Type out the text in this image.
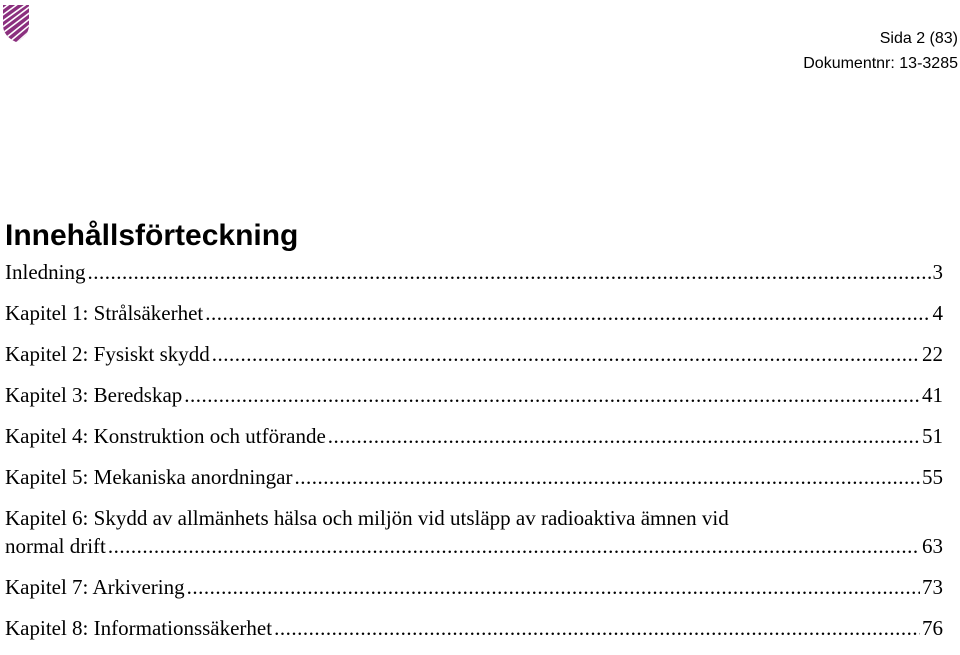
Sida 2 (83)
Dokumentnr: 13-3285
Innehållsförteckning
Inledning .....	3
Kapitel 1: Strålsäkerhet .....	4
Kapitel 2: Fysiskt skydd .....	22
Kapitel 3: Beredskap .....	41
Kapitel 4: Konstruktion och utförande .....	51
Kapitel 5: Mekaniska anordningar .....	55
Kapitel 6: Skydd av allmänhets hälsa och miljön vid utsläpp av radioaktiva ämnen vid
normal drift .....	63
Kapitel 7: Arkivering .....	73
Kapitel 8: Informationssäkerhet .....	76
